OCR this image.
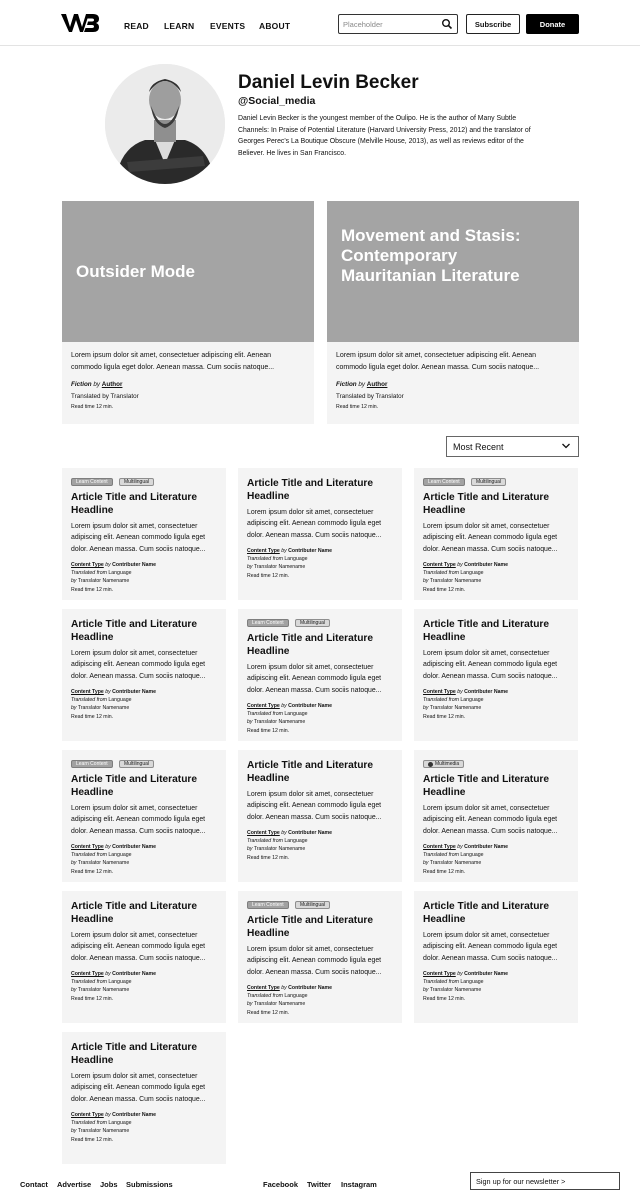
READ LEARN EVENTS ABOUT
Placeholder	Subscribe	Donate
Daniel Levin Becker
@Social_media
Daniel Levin Becker is the youngest member of the Oulipo. He is the author of Many Subtle Channels: In Praise of Potential Literature (Harvard University Press, 2012) and the translator of Georges Perec's La Boutique Obscure (Melville House, 2013), as well as reviews editor of the Believer. He lives in San Francisco.
Outsider Mode
Lorem ipsum dolor sit amet, consectetuer adipiscing elit. Aenean commodo ligula eget dolor. Aenean massa. Cum sociis natoque...
Fiction by Author
Translated by Translator
Read time 12 min.
Movement and Stasis: Contemporary Mauritanian Literature
Lorem ipsum dolor sit amet, consectetuer adipiscing elit. Aenean commodo ligula eget dolor. Aenean massa. Cum sociis natoque...
Fiction by Author
Translated by Translator
Read time 12 min.
Most Recent
Learn Content	Multilingual
Article Title and Literature Headline
Lorem ipsum dolor sit amet, consectetuer adipiscing elit. Aenean commodo ligula eget dolor. Aenean massa. Cum sociis natoque...
Content Type by Contributer Name
Translated from Language
by Translator Namename
Read time 12 min.
Article Title and Literature Headline
Lorem ipsum dolor sit amet, consectetuer adipiscing elit. Aenean commodo ligula eget dolor. Aenean massa. Cum sociis natoque...
Content Type by Contributer Name
Translated from Language
by Translator Namename
Read time 12 min.
Learn Content	Multilingual
Article Title and Literature Headline
Lorem ipsum dolor sit amet, consectetuer adipiscing elit. Aenean commodo ligula eget dolor. Aenean massa. Cum sociis natoque...
Content Type by Contributer Name
Translated from Language
by Translator Namename
Read time 12 min.
Article Title and Literature Headline
Lorem ipsum dolor sit amet, consectetuer adipiscing elit. Aenean commodo ligula eget dolor. Aenean massa. Cum sociis natoque...
Content Type by Contributer Name
Translated from Language
by Translator Namename
Read time 12 min.
Learn Content	Multilingual
Article Title and Literature Headline
Lorem ipsum dolor sit amet, consectetuer adipiscing elit. Aenean commodo ligula eget dolor. Aenean massa. Cum sociis natoque...
Content Type by Contributer Name
Translated from Language
by Translator Namename
Read time 12 min.
Article Title and Literature Headline
Lorem ipsum dolor sit amet, consectetuer adipiscing elit. Aenean commodo ligula eget dolor. Aenean massa. Cum sociis natoque...
Content Type by Contributer Name
Translated from Language
by Translator Namename
Read time 12 min.
Learn Content	Multilingual
Article Title and Literature Headline
Lorem ipsum dolor sit amet, consectetuer adipiscing elit. Aenean commodo ligula eget dolor. Aenean massa. Cum sociis natoque...
Content Type by Contributer Name
Translated from Language
by Translator Namename
Read time 12 min.
Article Title and Literature Headline
Lorem ipsum dolor sit amet, consectetuer adipiscing elit. Aenean commodo ligula eget dolor. Aenean massa. Cum sociis natoque...
Content Type by Contributer Name
Translated from Language
by Translator Namename
Read time 12 min.
Multimedia
Article Title and Literature Headline
Lorem ipsum dolor sit amet, consectetuer adipiscing elit. Aenean commodo ligula eget dolor. Aenean massa. Cum sociis natoque...
Content Type by Contributer Name
Translated from Language
by Translator Namename
Read time 12 min.
Article Title and Literature Headline
Lorem ipsum dolor sit amet, consectetuer adipiscing elit. Aenean commodo ligula eget dolor. Aenean massa. Cum sociis natoque...
Content Type by Contributer Name
Translated from Language
by Translator Namename
Read time 12 min.
Learn Content	Multilingual
Article Title and Literature Headline
Lorem ipsum dolor sit amet, consectetuer adipiscing elit. Aenean commodo ligula eget dolor. Aenean massa. Cum sociis natoque...
Content Type by Contributer Name
Translated from Language
by Translator Namename
Read time 12 min.
Article Title and Literature Headline
Lorem ipsum dolor sit amet, consectetuer adipiscing elit. Aenean commodo ligula eget dolor. Aenean massa. Cum sociis natoque...
Content Type by Contributer Name
Translated from Language
by Translator Namename
Read time 12 min.
Article Title and Literature Headline
Lorem ipsum dolor sit amet, consectetuer adipiscing elit. Aenean commodo ligula eget dolor. Aenean massa. Cum sociis natoque...
Content Type by Contributer Name
Translated from Language
by Translator Namename
Read time 12 min.
Contact Advertise Jobs Submissions	Facebook Twitter Instagram	Sign up for our newsletter >
